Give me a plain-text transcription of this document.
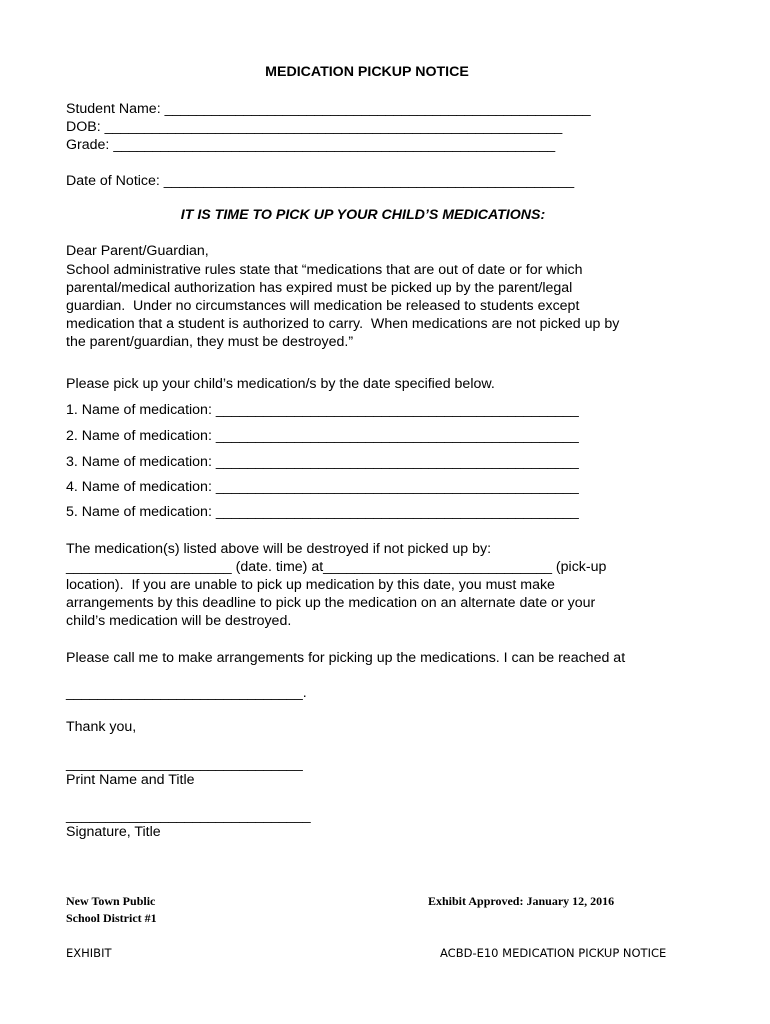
MEDICATION PICKUP NOTICE
Student Name: ______________________________________________________
DOB: __________________________________________________________
Grade: ________________________________________________________
Date of Notice: ____________________________________________________
IT IS TIME TO PICK UP YOUR CHILD’S MEDICATIONS:
Dear Parent/Guardian,
School administrative rules state that “medications that are out of date or for which
parental/medical authorization has expired must be picked up by the parent/legal
guardian.  Under no circumstances will medication be released to students except
medication that a student is authorized to carry.  When medications are not picked up by
the parent/guardian, they must be destroyed.”
Please pick up your child’s medication/s by the date specified below.
1. Name of medication: ______________________________________________
2. Name of medication: ______________________________________________
3. Name of medication: ______________________________________________
4. Name of medication: ______________________________________________
5. Name of medication: ______________________________________________
The medication(s) listed above will be destroyed if not picked up by:
_____________________ (date. time) at_____________________________ (pick-up
location).  If you are unable to pick up medication by this date, you must make
arrangements by this deadline to pick up the medication on an alternate date or your
child’s medication will be destroyed.
Please call me to make arrangements for picking up the medications. I can be reached at
______________________________.
Thank you,
______________________________
Print Name and Title
_______________________________
Signature, Title
New Town Public
School District #1
Exhibit Approved: January 12, 2016
EXHIBIT	ACBD-E10 MEDICATION PICKUP NOTICE
